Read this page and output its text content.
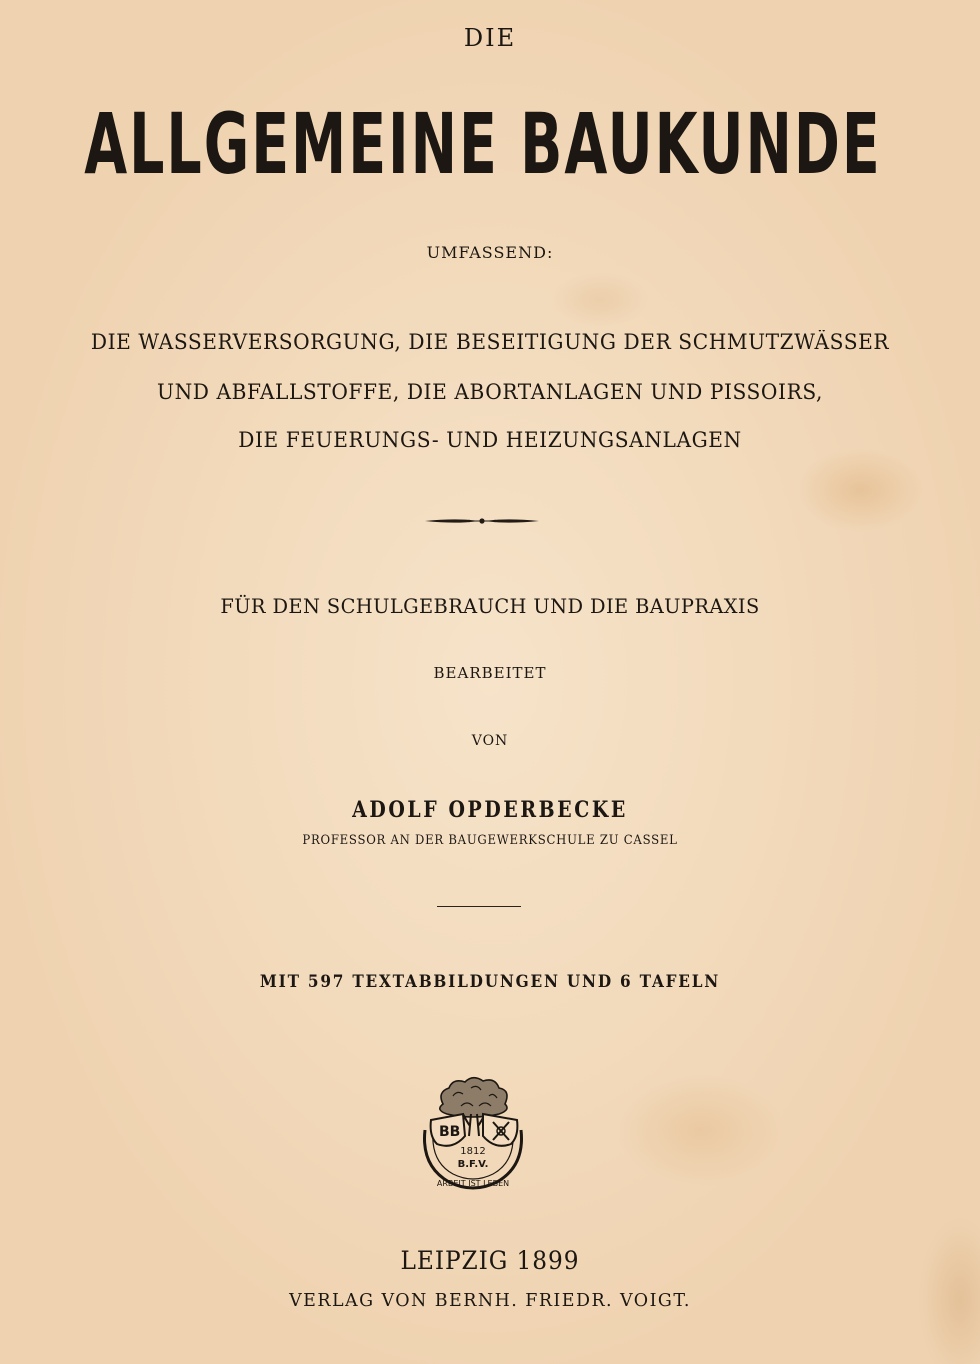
DIE
ALLGEMEINE BAUKUNDE
UMFASSEND:
DIE WASSERVERSORGUNG, DIE BESEITIGUNG DER SCHMUTZWÄSSER
UND ABFALLSTOFFE, DIE ABORTANLAGEN UND PISSOIRS,
DIE FEUERUNGS- UND HEIZUNGSANLAGEN
FÜR DEN SCHULGEBRAUCH UND DIE BAUPRAXIS
BEARBEITET
VON
ADOLF OPDERBECKE
PROFESSOR AN DER BAUGEWERKSCHULE ZU CASSEL
MIT 597 TEXTABBILDUNGEN UND 6 TAFELN
BB
1812
B.F.V.
ARBEIT IST LEBEN
LEIPZIG 1899
VERLAG VON BERNH. FRIEDR. VOIGT.
